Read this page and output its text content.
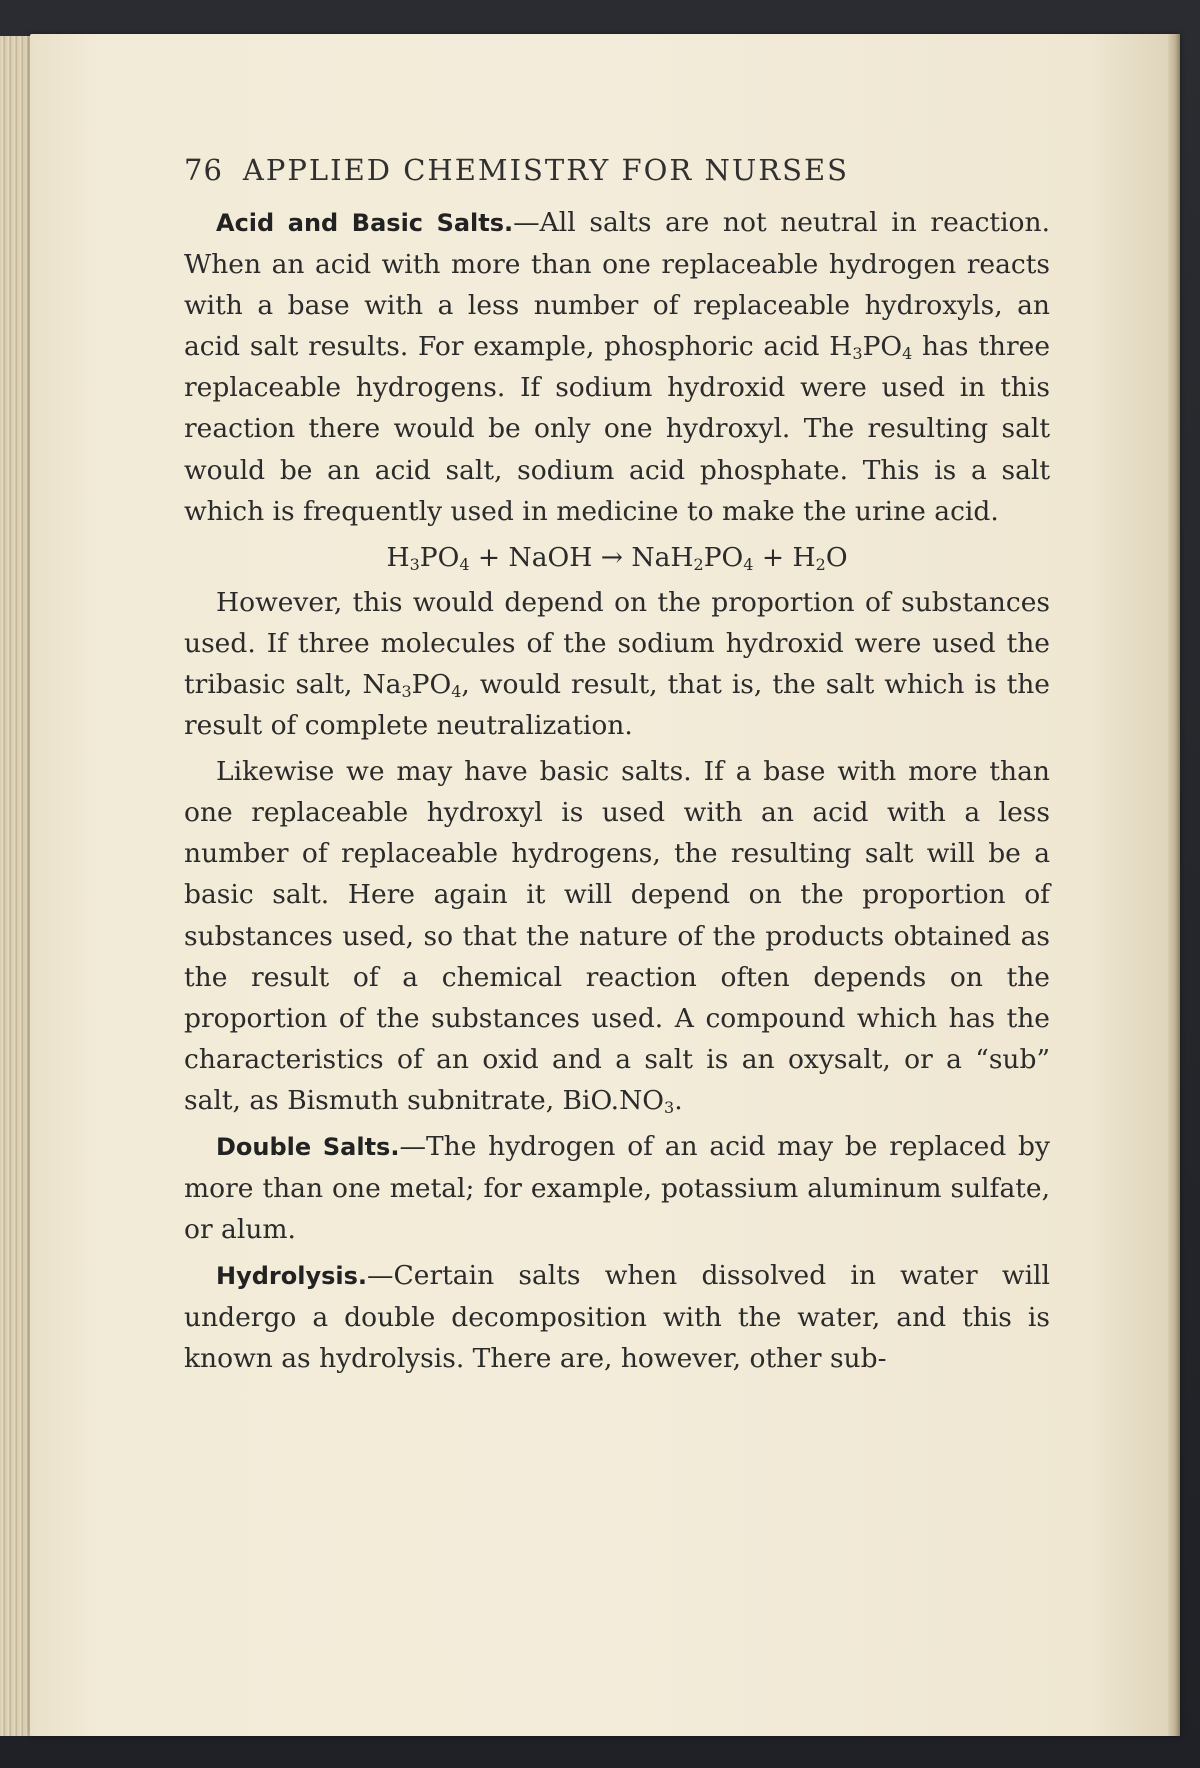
76 APPLIED CHEMISTRY FOR NURSES

Acid and Basic Salts.—All salts are not neutral in reaction. When an acid with more than one replaceable hydrogen reacts with a base with a less number of replaceable hydroxyls, an acid salt results. For example, phosphoric acid $H_3PO_4$ has three replaceable hydrogens. If sodium hydroxid were used in this reaction there would be only one hydroxyl. The resulting salt would be an acid salt, sodium acid phosphate. This is a salt which is frequently used in medicine to make the urine acid.

$H_3PO_4$ + NaOH → $NaH_2PO_4 + H_2O$

However, this would depend on the proportion of substances used. If three molecules of the sodium hydroxid were used the tribasic salt, $Na_3PO_4$, would result, that is, the salt which is the result of complete neutralization.

Likewise we may have basic salts. If a base with more than one replaceable hydroxyl is used with an acid with a less number of replaceable hydrogens, the resulting salt will be a basic salt. Here again it will depend on the proportion of substances used, so that the nature of the products obtained as the result of a chemical reaction often depends on the proportion of the substances used. A compound which has the characteristics of an oxid and a salt is an oxysalt, or a “sub” salt, as Bismuth subnitrate, $BiO.NO_3$.

Double Salts.—The hydrogen of an acid may be replaced by more than one metal; for example, potassium aluminum sulfate, or alum.

Hydrolysis.—Certain salts when dissolved in water will undergo a double decomposition with the water, and this is known as hydrolysis. There are, however, other sub-
